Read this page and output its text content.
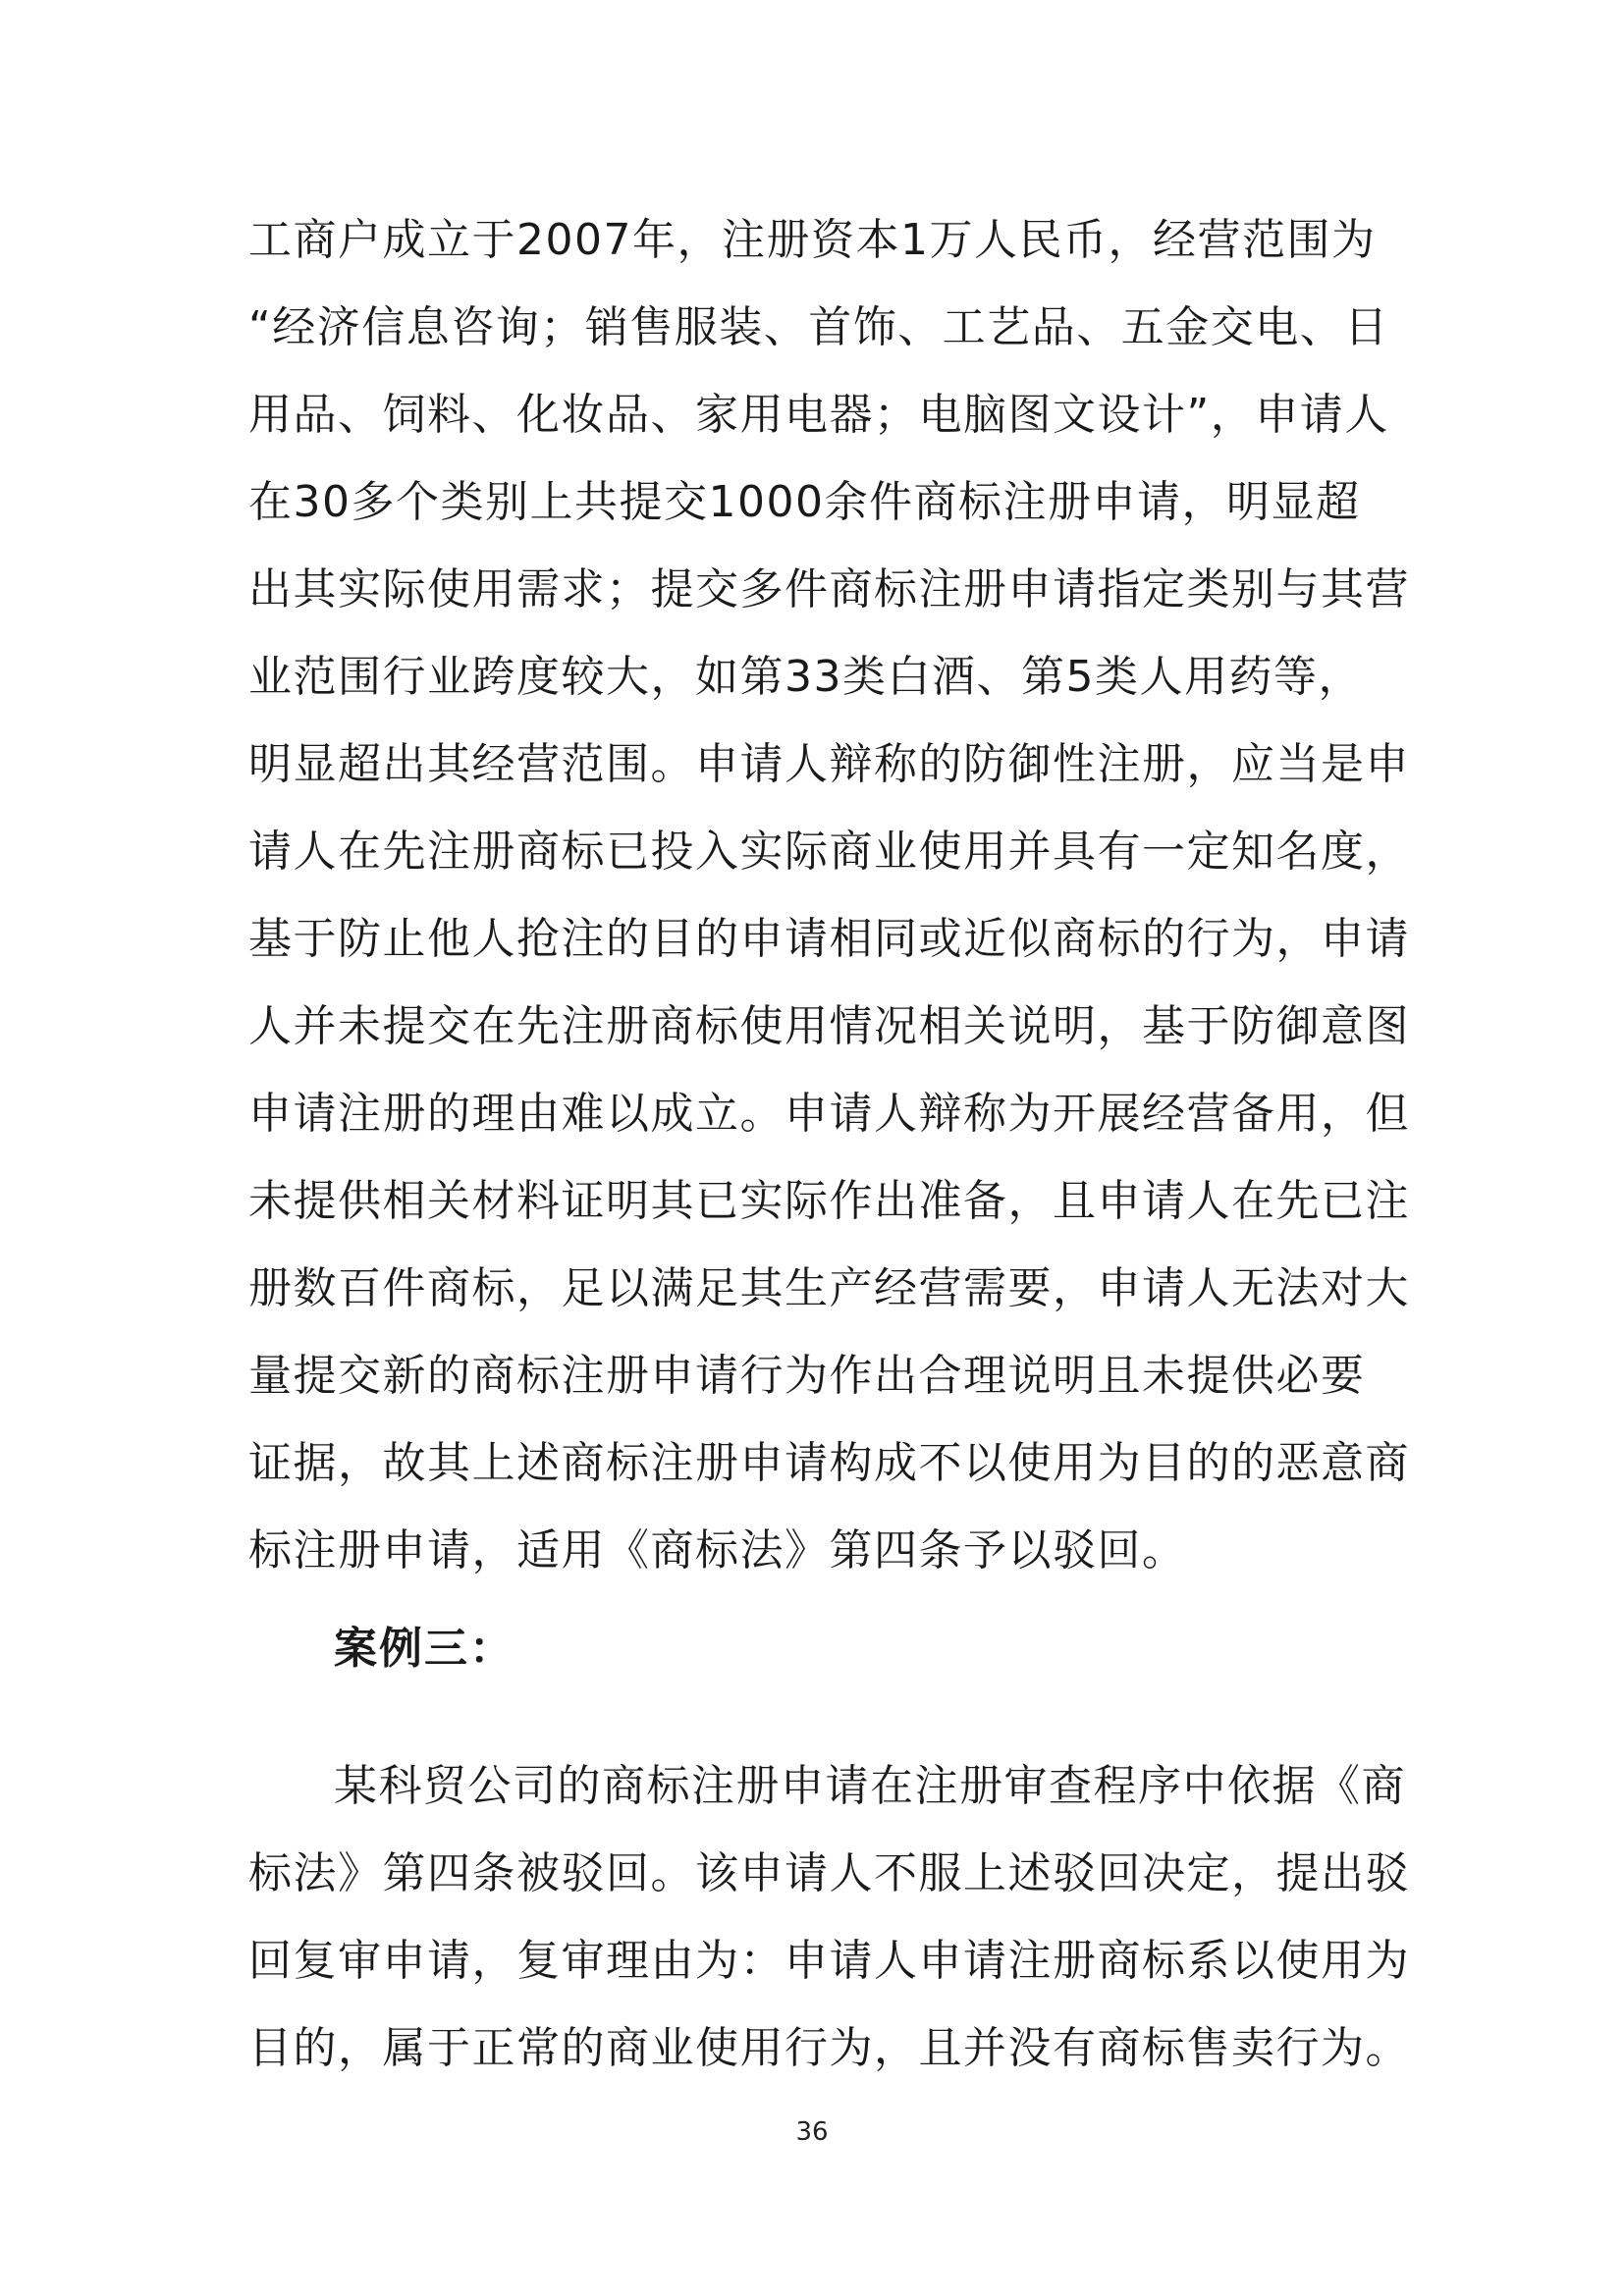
工商户成立于2007年，注册资本1万人民币，经营范围为
“经济信息咨询；销售服装、首饰、工艺品、五金交电、日
用品、饲料、化妆品、家用电器；电脑图文设计”，申请人
在30多个类别上共提交1000余件商标注册申请，明显超
出其实际使用需求；提交多件商标注册申请指定类别与其营
业范围行业跨度较大，如第33类白酒、第5类人用药等，
明显超出其经营范围。申请人辩称的防御性注册，应当是申
请人在先注册商标已投入实际商业使用并具有一定知名度，
基于防止他人抢注的目的申请相同或近似商标的行为，申请
人并未提交在先注册商标使用情况相关说明，基于防御意图
申请注册的理由难以成立。申请人辩称为开展经营备用，但
未提供相关材料证明其已实际作出准备，且申请人在先已注
册数百件商标，足以满足其生产经营需要，申请人无法对大
量提交新的商标注册申请行为作出合理说明且未提供必要
证据，故其上述商标注册申请构成不以使用为目的的恶意商
标注册申请，适用《商标法》第四条予以驳回。
案例三：
某科贸公司的商标注册申请在注册审查程序中依据《商
标法》第四条被驳回。该申请人不服上述驳回决定，提出驳
回复审申请，复审理由为：申请人申请注册商标系以使用为
目的，属于正常的商业使用行为，且并没有商标售卖行为。
36
